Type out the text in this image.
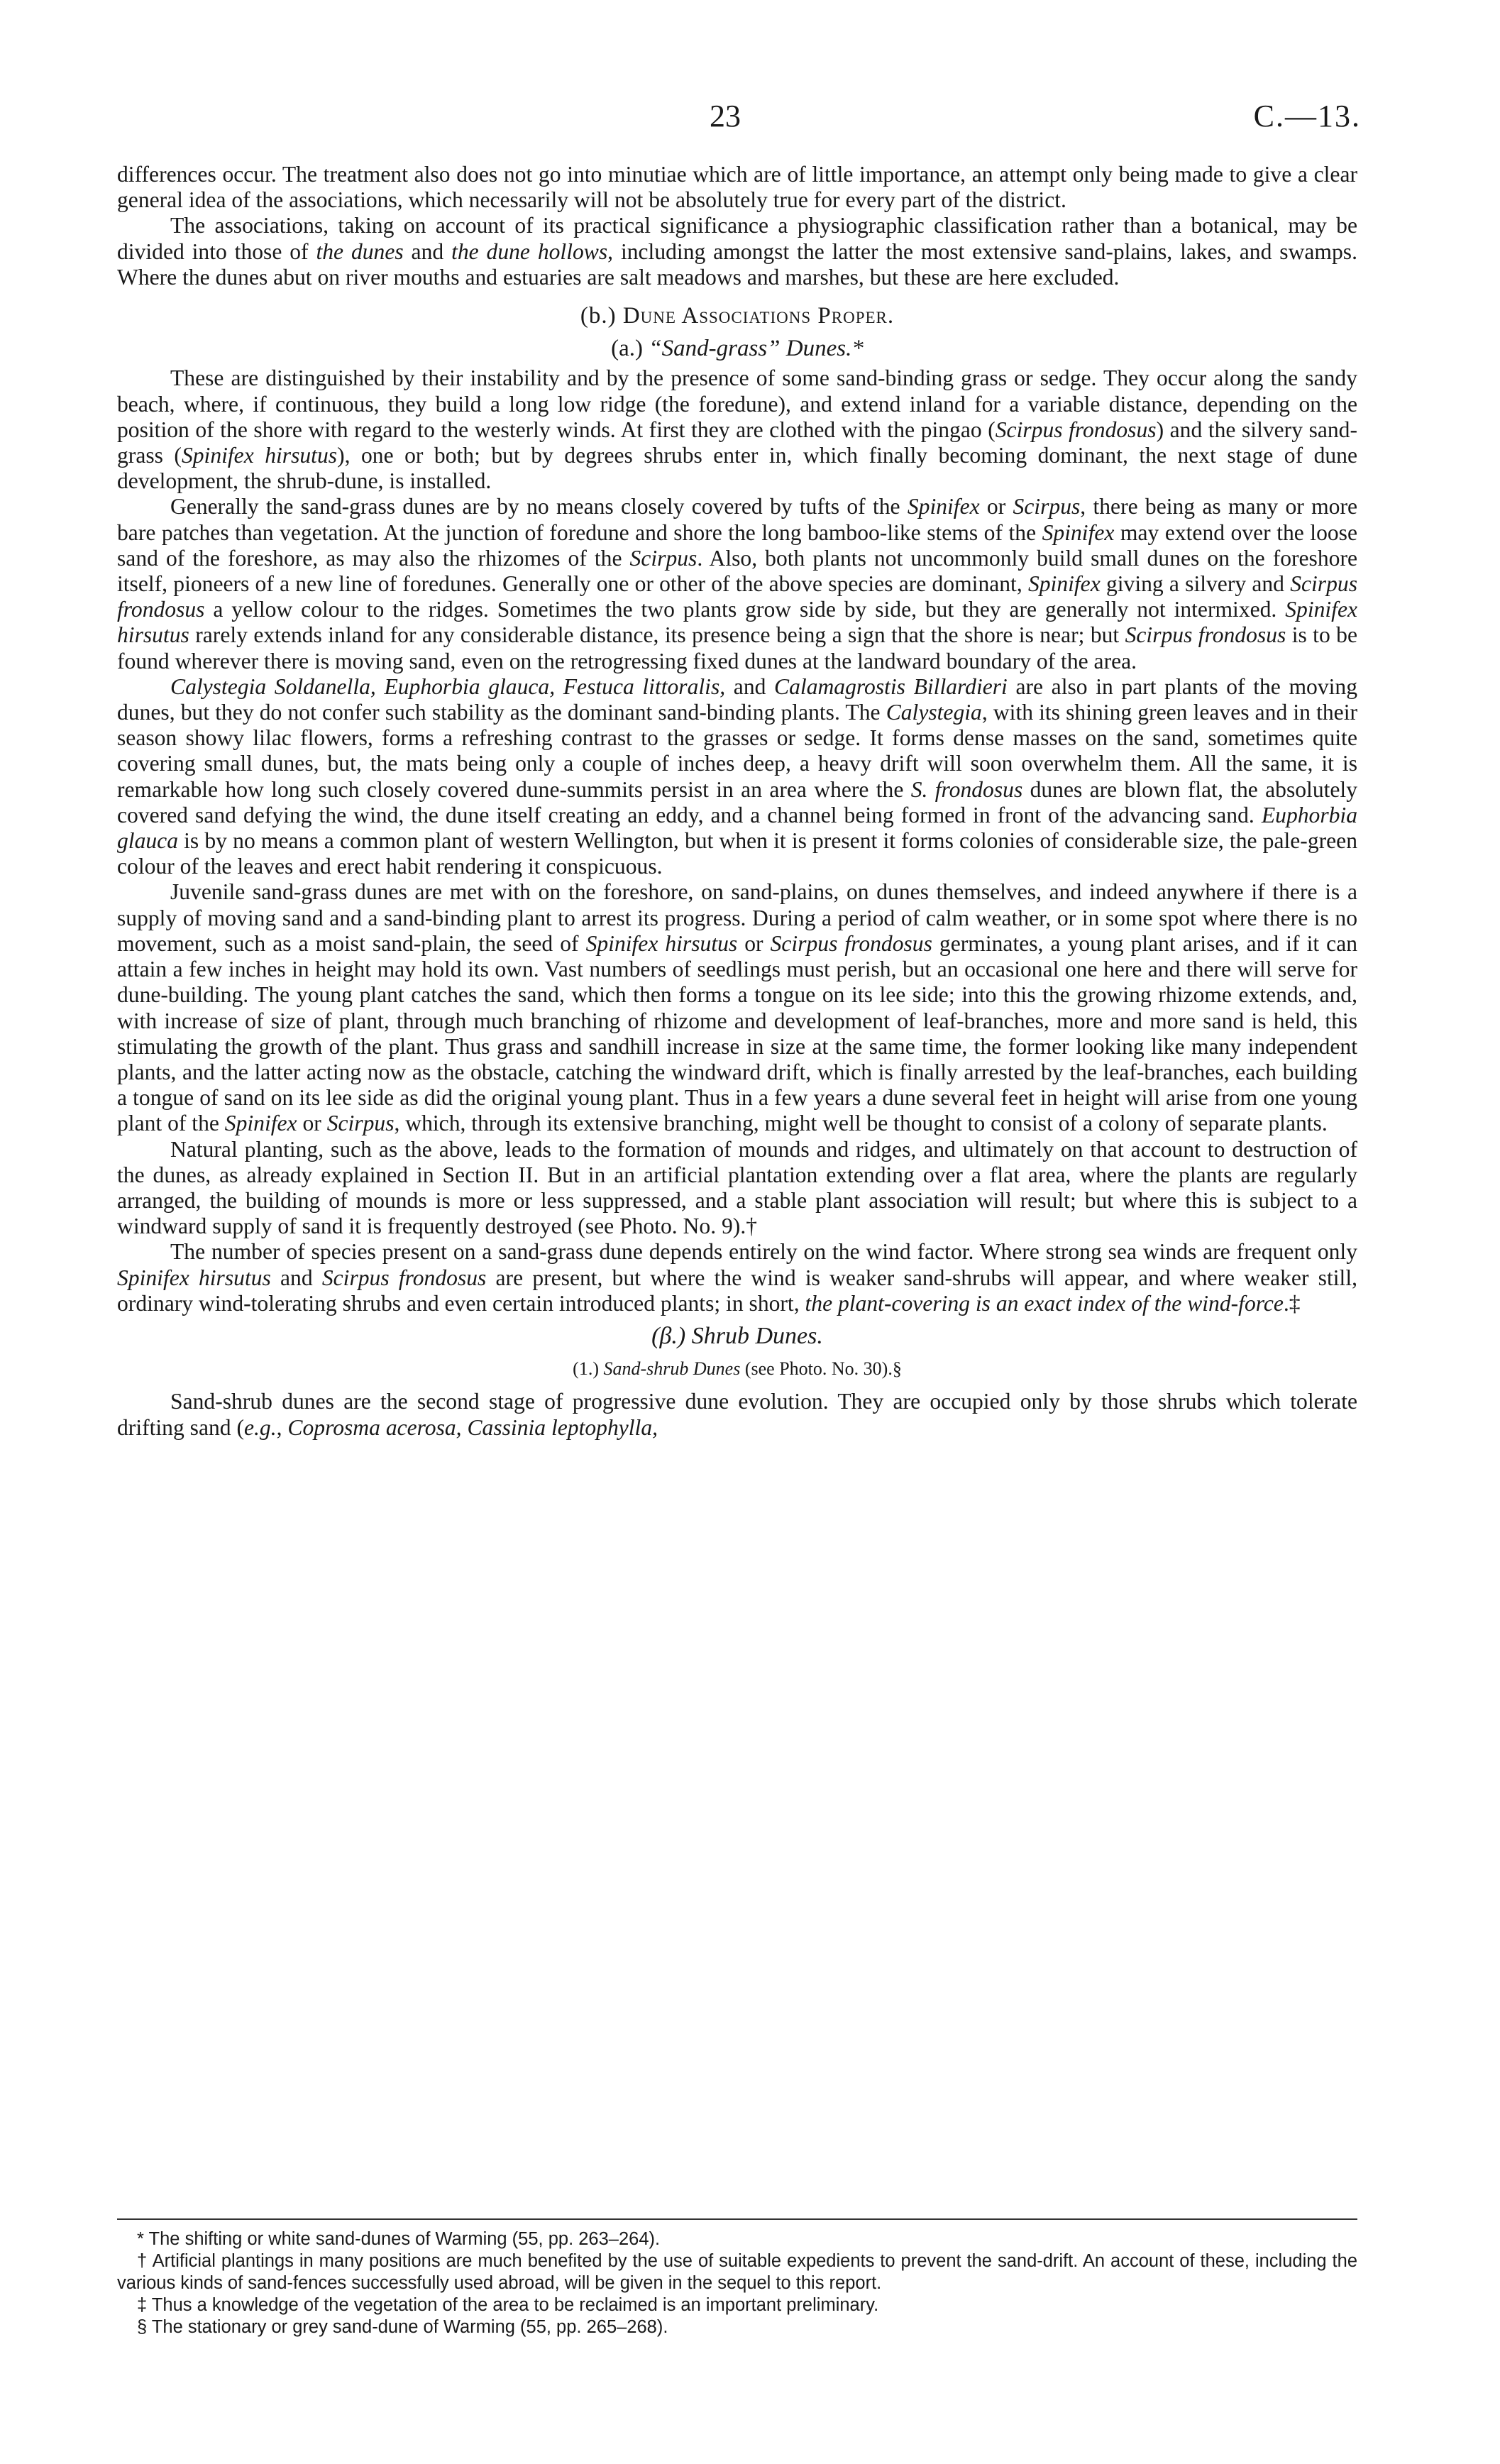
23	C.—13.

differences occur. The treatment also does not go into minutiae which are of little importance, an attempt only being made to give a clear general idea of the associations, which necessarily will not be absolutely true for every part of the district.

The associations, taking on account of its practical significance a physiographic classification rather than a botanical, may be divided into those of the dunes and the dune hollows, including amongst the latter the most extensive sand-plains, lakes, and swamps. Where the dunes abut on river mouths and estuaries are salt meadows and marshes, but these are here excluded.

(b.) Dune Associations Proper.
(a.) “Sand-grass” Dunes.*

These are distinguished by their instability and by the presence of some sand-binding grass or sedge. They occur along the sandy beach, where, if continuous, they build a long low ridge (the foredune), and extend inland for a variable distance, depending on the position of the shore with regard to the westerly winds. At first they are clothed with the pingao (Scirpus frondosus) and the silvery sand-grass (Spinifex hirsutus), one or both; but by degrees shrubs enter in, which finally becoming dominant, the next stage of dune development, the shrub-dune, is installed.

Generally the sand-grass dunes are by no means closely covered by tufts of the Spinifex or Scirpus, there being as many or more bare patches than vegetation. At the junction of foredune and shore the long bamboo-like stems of the Spinifex may extend over the loose sand of the foreshore, as may also the rhizomes of the Scirpus. Also, both plants not uncommonly build small dunes on the foreshore itself, pioneers of a new line of foredunes. Generally one or other of the above species are dominant, Spinifex giving a silvery and Scirpus frondosus a yellow colour to the ridges. Sometimes the two plants grow side by side, but they are generally not intermixed. Spinifex hirsutus rarely extends inland for any considerable distance, its presence being a sign that the shore is near; but Scirpus frondosus is to be found wherever there is moving sand, even on the retrogressing fixed dunes at the landward boundary of the area.

Calystegia Soldanella, Euphorbia glauca, Festuca littoralis, and Calamagrostis Billardieri are also in part plants of the moving dunes, but they do not confer such stability as the dominant sand-binding plants. The Calystegia, with its shining green leaves and in their season showy lilac flowers, forms a refreshing contrast to the grasses or sedge. It forms dense masses on the sand, sometimes quite covering small dunes, but, the mats being only a couple of inches deep, a heavy drift will soon overwhelm them. All the same, it is remarkable how long such closely covered dune-summits persist in an area where the S. frondosus dunes are blown flat, the absolutely covered sand defying the wind, the dune itself creating an eddy, and a channel being formed in front of the advancing sand. Euphorbia glauca is by no means a common plant of western Wellington, but when it is present it forms colonies of considerable size, the pale-green colour of the leaves and erect habit rendering it conspicuous.

Juvenile sand-grass dunes are met with on the foreshore, on sand-plains, on dunes themselves, and indeed anywhere if there is a supply of moving sand and a sand-binding plant to arrest its progress. During a period of calm weather, or in some spot where there is no movement, such as a moist sand-plain, the seed of Spinifex hirsutus or Scirpus frondosus germinates, a young plant arises, and if it can attain a few inches in height may hold its own. Vast numbers of seedlings must perish, but an occasional one here and there will serve for dune-building. The young plant catches the sand, which then forms a tongue on its lee side; into this the growing rhizome extends, and, with increase of size of plant, through much branching of rhizome and development of leaf-branches, more and more sand is held, this stimulating the growth of the plant. Thus grass and sandhill increase in size at the same time, the former looking like many independent plants, and the latter acting now as the obstacle, catching the windward drift, which is finally arrested by the leaf-branches, each building a tongue of sand on its lee side as did the original young plant. Thus in a few years a dune several feet in height will arise from one young plant of the Spinifex or Scirpus, which, through its extensive branching, might well be thought to consist of a colony of separate plants.

Natural planting, such as the above, leads to the formation of mounds and ridges, and ultimately on that account to destruction of the dunes, as already explained in Section II. But in an artificial plantation extending over a flat area, where the plants are regularly arranged, the building of mounds is more or less suppressed, and a stable plant association will result; but where this is subject to a windward supply of sand it is frequently destroyed (see Photo. No. 9).†

The number of species present on a sand-grass dune depends entirely on the wind factor. Where strong sea winds are frequent only Spinifex hirsutus and Scirpus frondosus are present, but where the wind is weaker sand-shrubs will appear, and where weaker still, ordinary wind-tolerating shrubs and even certain introduced plants; in short, the plant-covering is an exact index of the wind-force.‡

(β.) Shrub Dunes.
(1.) Sand-shrub Dunes (see Photo. No. 30).§

Sand-shrub dunes are the second stage of progressive dune evolution. They are occupied only by those shrubs which tolerate drifting sand (e.g., Coprosma acerosa, Cassinia leptophylla,

* The shifting or white sand-dunes of Warming (55, pp. 263–264).

† Artificial plantings in many positions are much benefited by the use of suitable expedients to prevent the sand-drift. An account of these, including the various kinds of sand-fences successfully used abroad, will be given in the sequel to this report.

‡ Thus a knowledge of the vegetation of the area to be reclaimed is an important preliminary.

§ The stationary or grey sand-dune of Warming (55, pp. 265–268).
